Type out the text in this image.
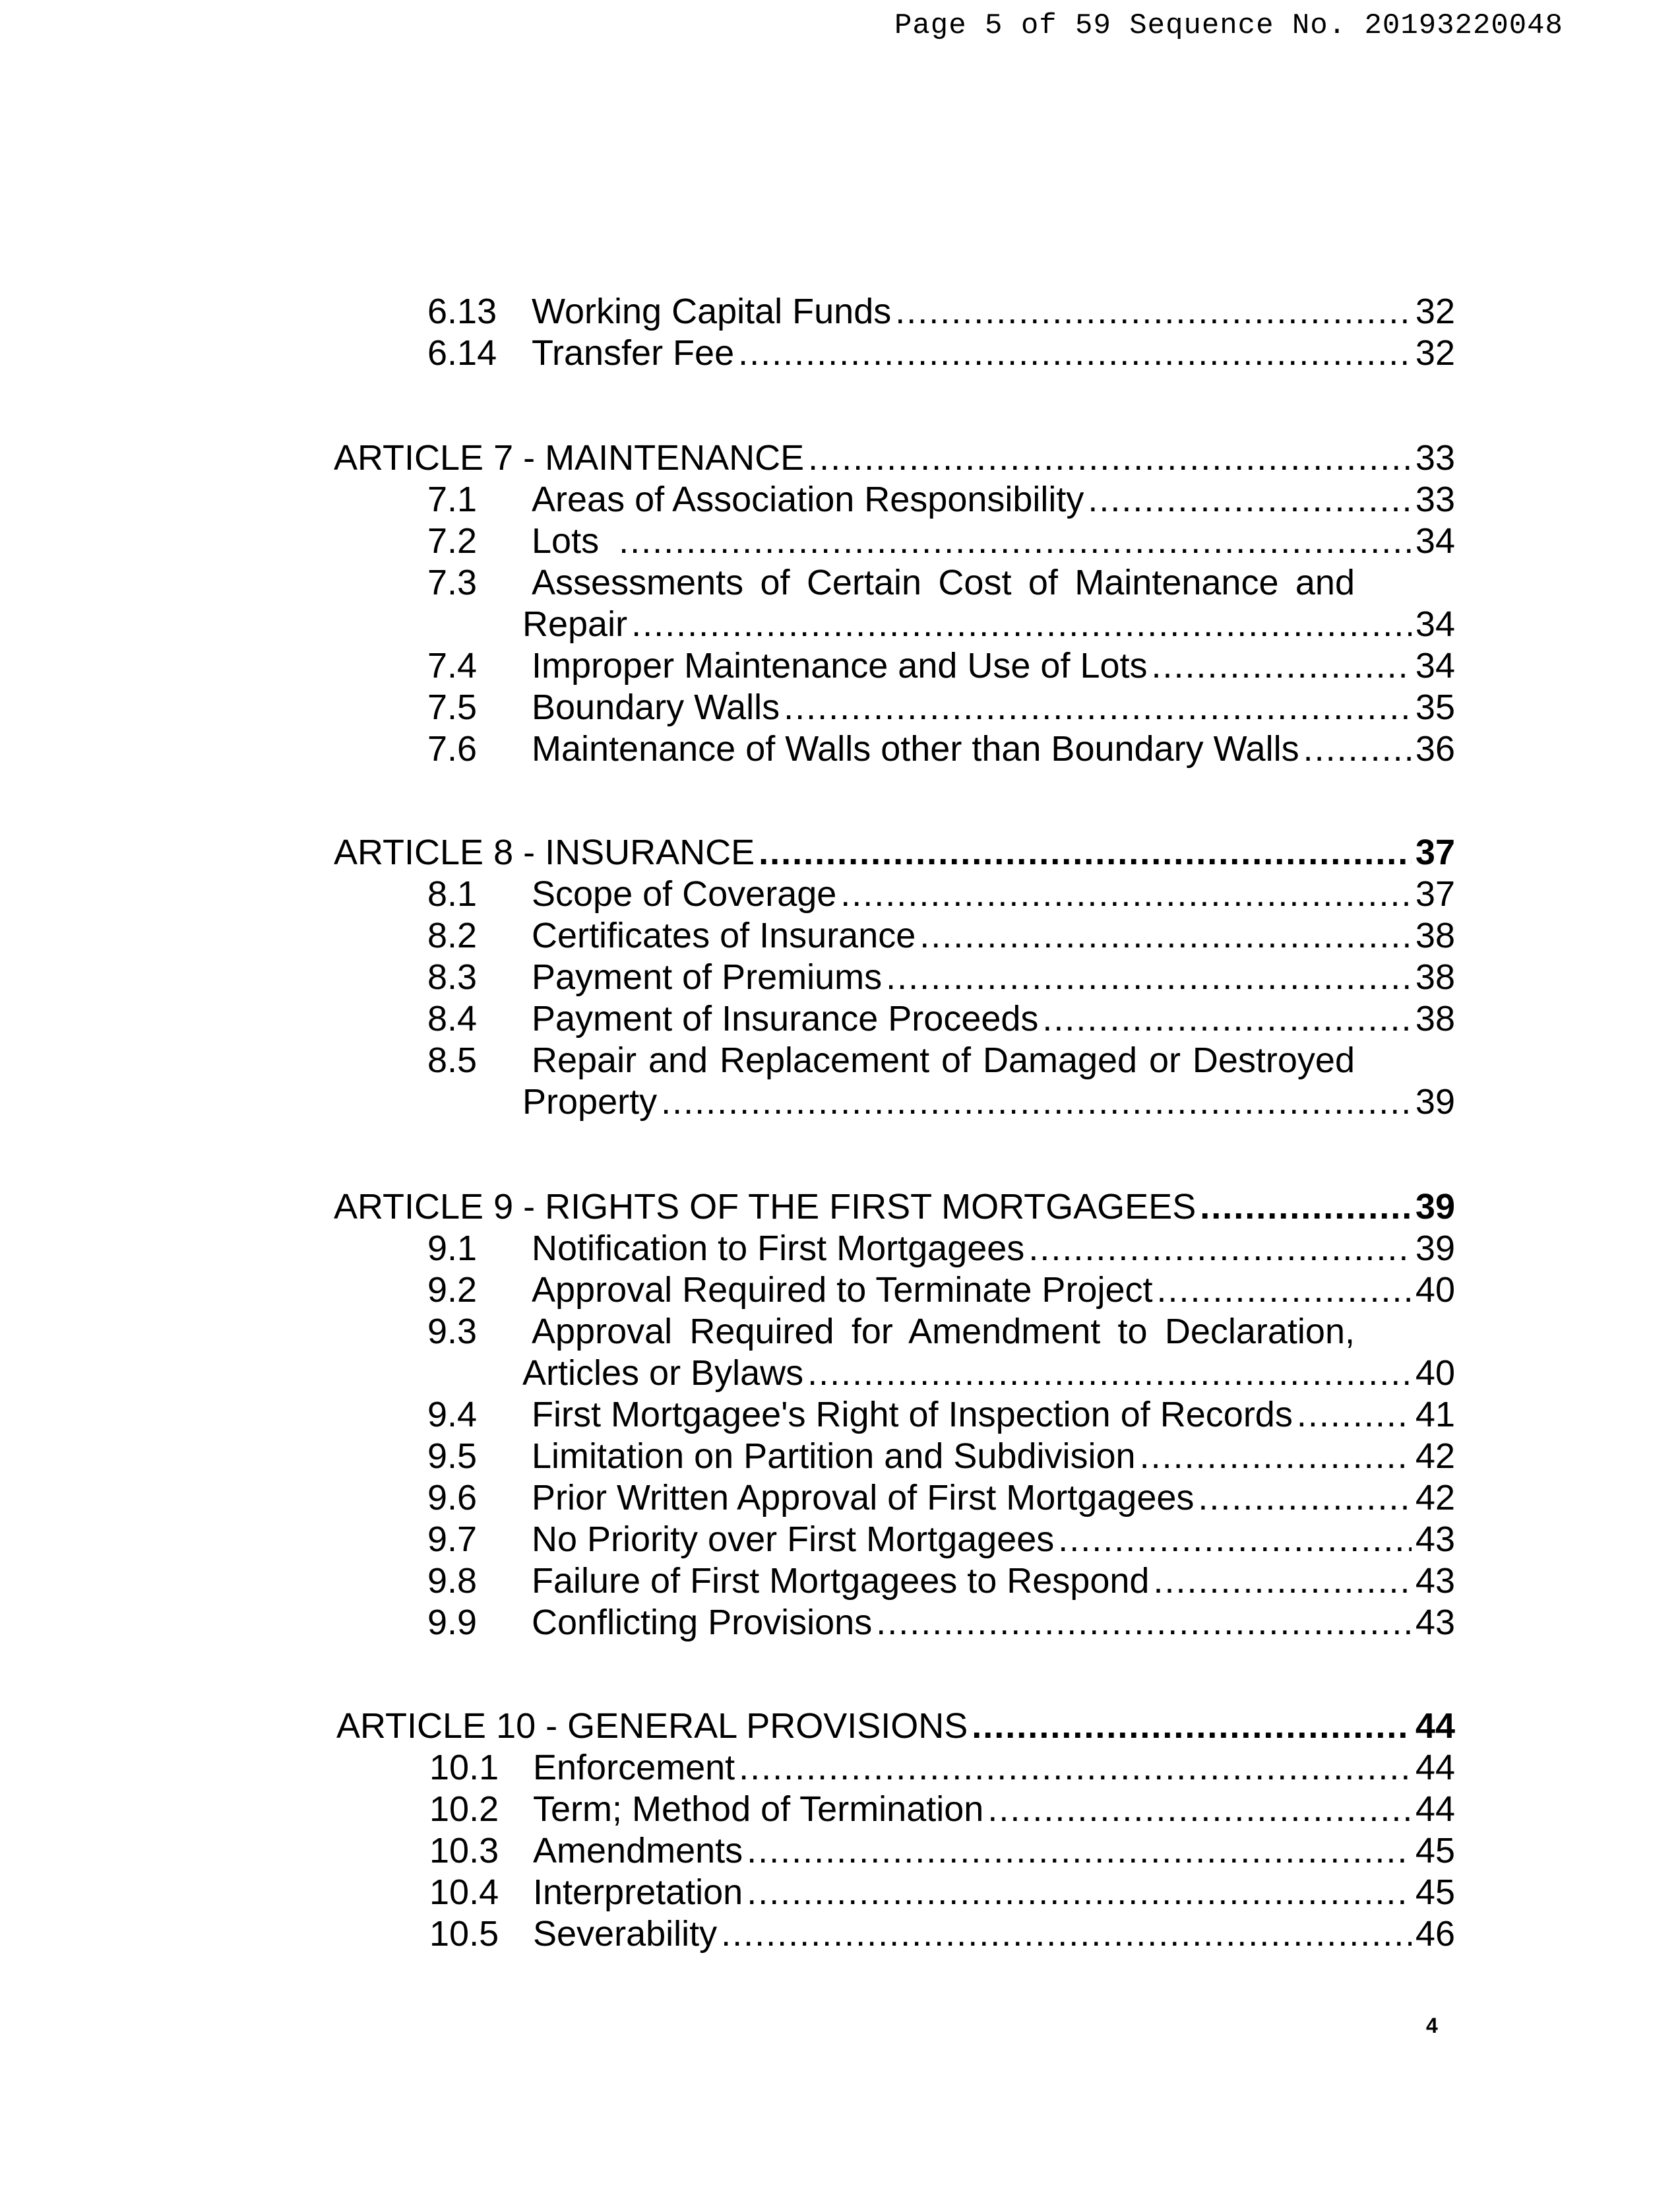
Page 5 of 59 Sequence No. 20193220048
6.13 Working Capital Funds .....	32
6.14 Transfer Fee .....	32
ARTICLE 7 - MAINTENANCE .....	33
7.1	Areas of Association Responsibility .....	33
7.2	Lots .....	34
7.3	Assessments of Certain Cost of Maintenance and
Repair .....	34
7.4	Improper Maintenance and Use of Lots .....	34
7.5	Boundary Walls .....	35
7.6	Maintenance of Walls other than Boundary Walls .....	36
ARTICLE 8 - INSURANCE .....	37
8.1	Scope of Coverage .....	37
8.2	Certificates of Insurance .....	38
8.3	Payment of Premiums .....	38
8.4	Payment of Insurance Proceeds .....	38
8.5	Repair and Replacement of Damaged or Destroyed
Property .....	39
ARTICLE 9 - RIGHTS OF THE FIRST MORTGAGEES .....	39
9.1	Notification to First Mortgagees .....	39
9.2	Approval Required to Terminate Project .....	40
9.3	Approval Required for Amendment to Declaration,
Articles or Bylaws .....	40
9.4	First Mortgagee's Right of Inspection of Records .....	41
9.5	Limitation on Partition and Subdivision .....	42
9.6	Prior Written Approval of First Mortgagees .....	42
9.7	No Priority over First Mortgagees .....	43
9.8	Failure of First Mortgagees to Respond .....	43
9.9	Conflicting Provisions .....	43
ARTICLE 10 - GENERAL PROVISIONS .....	44
10.1 Enforcement .....	44
10.2 Term; Method of Termination .....	44
10.3 Amendments .....	45
10.4 Interpretation .....	45
10.5 Severability .....	46
4
